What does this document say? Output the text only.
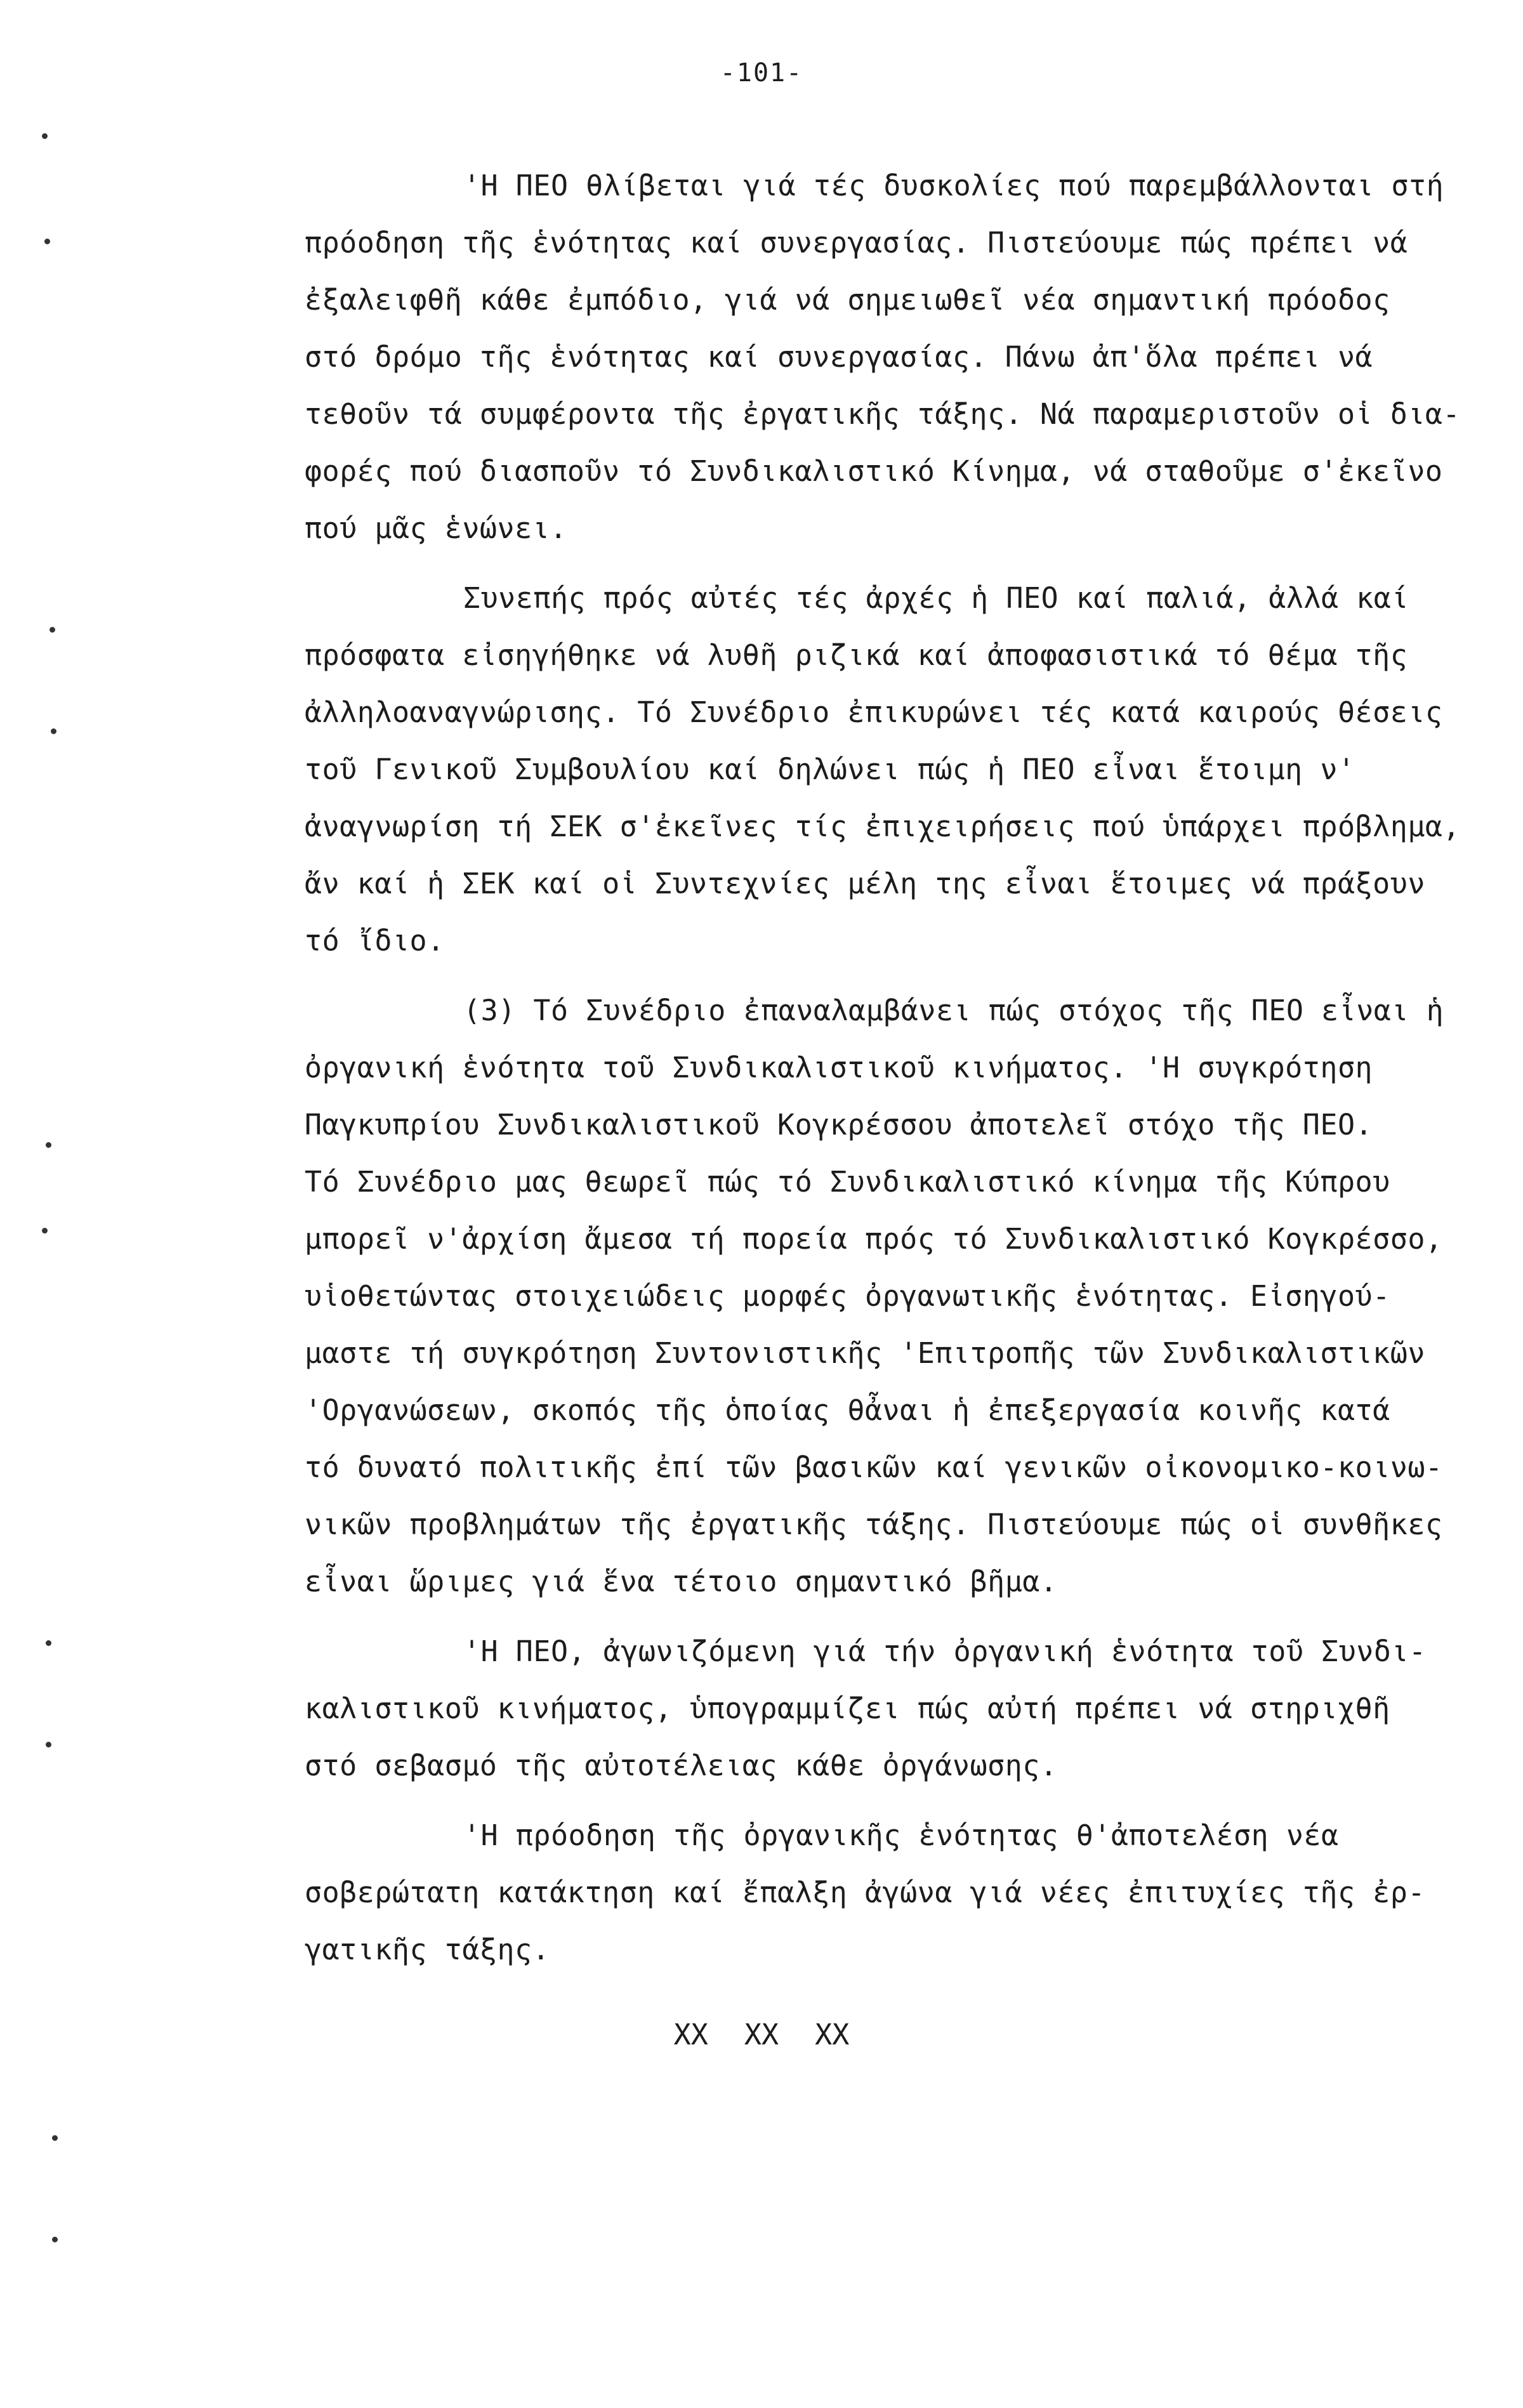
-101-
'Η ΠΕΟ θλίβεται γιά τές δυσκολίες πού παρεμβάλλονται στή
πρόοδηση τῆς ἑνότητας καί συνεργασίας. Πιστεύουμε πώς πρέπει νά
ἐξαλειφθῆ κάθε ἐμπόδιο, γιά νά σημειωθεῖ νέα σημαντική πρόοδος
στό δρόμο τῆς ἑνότητας καί συνεργασίας. Πάνω ἀπ'ὅλα πρέπει νά
τεθοῦν τά συμφέροντα τῆς ἐργατικῆς τάξης. Νά παραμεριστοῦν οἱ δια-
φορές πού διασποῦν τό Συνδικαλιστικό Κίνημα, νά σταθοῦμε σ'ἐκεῖνο
πού μᾶς ἑνώνει.
Συνεπής πρός αὐτές τές ἀρχές ἡ ΠΕΟ καί παλιά, ἀλλά καί
πρόσφατα εἰσηγήθηκε νά λυθῆ ριζικά καί ἀποφασιστικά τό θέμα τῆς
ἀλληλοαναγνώρισης. Τό Συνέδριο ἐπικυρώνει τές κατά καιρούς θέσεις
τοῦ Γενικοῦ Συμβουλίου καί δηλώνει πώς ἡ ΠΕΟ εἶναι ἕτοιμη ν'
ἀναγνωρίση τή ΣΕΚ σ'ἐκεῖνες τίς ἐπιχειρήσεις πού ὑπάρχει πρόβλημα,
ἄν καί ἡ ΣΕΚ καί οἱ Συντεχνίες μέλη της εἶναι ἕτοιμες νά πράξουν
τό ἴδιο.
(3) Τό Συνέδριο ἐπαναλαμβάνει πώς στόχος τῆς ΠΕΟ εἶναι ἡ
ὀργανική ἑνότητα τοῦ Συνδικαλιστικοῦ κινήματος. 'Η συγκρότηση
Παγκυπρίου Συνδικαλιστικοῦ Κογκρέσσου ἀποτελεῖ στόχο τῆς ΠΕΟ.
Τό Συνέδριο μας θεωρεῖ πώς τό Συνδικαλιστικό κίνημα τῆς Κύπρου
μπορεῖ ν'ἀρχίση ἄμεσα τή πορεία πρός τό Συνδικαλιστικό Κογκρέσσο,
υἱοθετώντας στοιχειώδεις μορφές ὀργανωτικῆς ἑνότητας. Εἰσηγού-
μαστε τή συγκρότηση Συντονιστικῆς 'Επιτροπῆς τῶν Συνδικαλιστικῶν
'Οργανώσεων, σκοπός τῆς ὁποίας θἆναι ἡ ἐπεξεργασία κοινῆς κατά
τό δυνατό πολιτικῆς ἐπί τῶν βασικῶν καί γενικῶν οἰκονομικο-κοινω-
νικῶν προβλημάτων τῆς ἐργατικῆς τάξης. Πιστεύουμε πώς οἱ συνθῆκες
εἶναι ὥριμες γιά ἕνα τέτοιο σημαντικό βῆμα.
'Η ΠΕΟ, ἀγωνιζόμενη γιά τήν ὀργανική ἑνότητα τοῦ Συνδι-
καλιστικοῦ κινήματος, ὑπογραμμίζει πώς αὐτή πρέπει νά στηριχθῆ
στό σεβασμό τῆς αὐτοτέλειας κάθε ὀργάνωσης.
'Η πρόοδηση τῆς ὀργανικῆς ἑνότητας θ'ἀποτελέση νέα
σοβερώτατη κατάκτηση καί ἔπαλξη ἀγώνα γιά νέες ἐπιτυχίες τῆς ἐρ-
γατικῆς τάξης.
XX XX XX
